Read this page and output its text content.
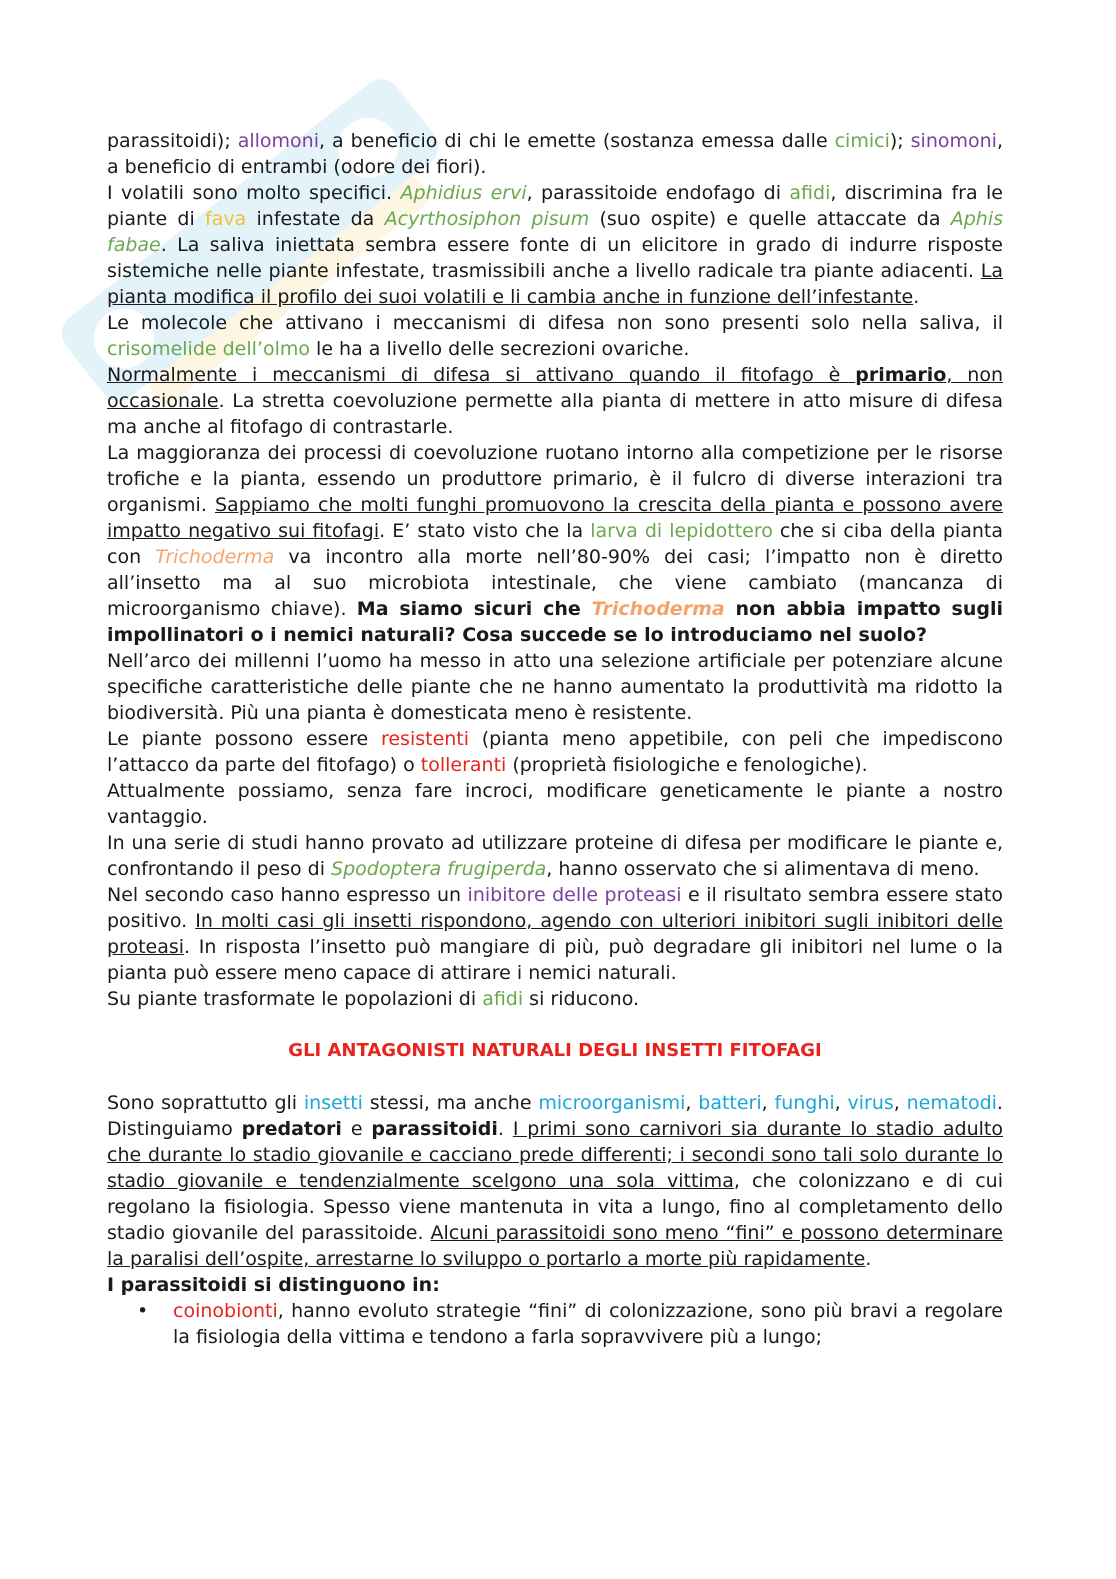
parassitoidi); allomoni, a beneficio di chi le emette (sostanza emessa dalle cimici); sinomoni, a beneficio di entrambi (odore dei fiori).

I volatili sono molto specifici. Aphidius ervi, parassitoide endofago di afidi, discrimina fra le piante di fava infestate da Acyrthosiphon pisum (suo ospite) e quelle attaccate da Aphis fabae. La saliva iniettata sembra essere fonte di un elicitore in grado di indurre risposte sistemiche nelle piante infestate, trasmissibili anche a livello radicale tra piante adiacenti. La pianta modifica il profilo dei suoi volatili e li cambia anche in funzione dell’infestante.

Le molecole che attivano i meccanismi di difesa non sono presenti solo nella saliva, il crisomelide dell’olmo le ha a livello delle secrezioni ovariche.

Normalmente i meccanismi di difesa si attivano quando il fitofago è primario, non occasionale. La stretta coevoluzione permette alla pianta di mettere in atto misure di difesa ma anche al fitofago di contrastarle.

La maggioranza dei processi di coevoluzione ruotano intorno alla competizione per le risorse trofiche e la pianta, essendo un produttore primario, è il fulcro di diverse interazioni tra organismi. Sappiamo che molti funghi promuovono la crescita della pianta e possono avere impatto negativo sui fitofagi. E’ stato visto che la larva di lepidottero che si ciba della pianta con Trichoderma va incontro alla morte nell’80-90% dei casi; l’impatto non è diretto all’insetto ma al suo microbiota intestinale, che viene cambiato (mancanza di microorganismo chiave). Ma siamo sicuri che Trichoderma non abbia impatto sugli impollinatori o i nemici naturali? Cosa succede se lo introduciamo nel suolo?

Nell’arco dei millenni l’uomo ha messo in atto una selezione artificiale per potenziare alcune specifiche caratteristiche delle piante che ne hanno aumentato la produttività ma ridotto la biodiversità. Più una pianta è domesticata meno è resistente.

Le piante possono essere resistenti (pianta meno appetibile, con peli che impediscono l’attacco da parte del fitofago) o tolleranti (proprietà fisiologiche e fenologiche).

Attualmente possiamo, senza fare incroci, modificare geneticamente le piante a nostro vantaggio.

In una serie di studi hanno provato ad utilizzare proteine di difesa per modificare le piante e, confrontando il peso di Spodoptera frugiperda, hanno osservato che si alimentava di meno.

Nel secondo caso hanno espresso un inibitore delle proteasi e il risultato sembra essere stato positivo. In molti casi gli insetti rispondono, agendo con ulteriori inibitori sugli inibitori delle proteasi. In risposta l’insetto può mangiare di più, può degradare gli inibitori nel lume o la pianta può essere meno capace di attirare i nemici naturali.

Su piante trasformate le popolazioni di afidi si riducono.

GLI ANTAGONISTI NATURALI DEGLI INSETTI FITOFAGI

Sono soprattutto gli insetti stessi, ma anche microorganismi, batteri, funghi, virus, nematodi. Distinguiamo predatori e parassitoidi. I primi sono carnivori sia durante lo stadio adulto che durante lo stadio giovanile e cacciano prede differenti; i secondi sono tali solo durante lo stadio giovanile e tendenzialmente scelgono una sola vittima, che colonizzano e di cui regolano la fisiologia. Spesso viene mantenuta in vita a lungo, fino al completamento dello stadio giovanile del parassitoide. Alcuni parassitoidi sono meno “fini” e possono determinare la paralisi dell’ospite, arrestarne lo sviluppo o portarlo a morte più rapidamente.

I parassitoidi si distinguono in:

• coinobionti, hanno evoluto strategie “fini” di colonizzazione, sono più bravi a regolare la fisiologia della vittima e tendono a farla sopravvivere più a lungo;
